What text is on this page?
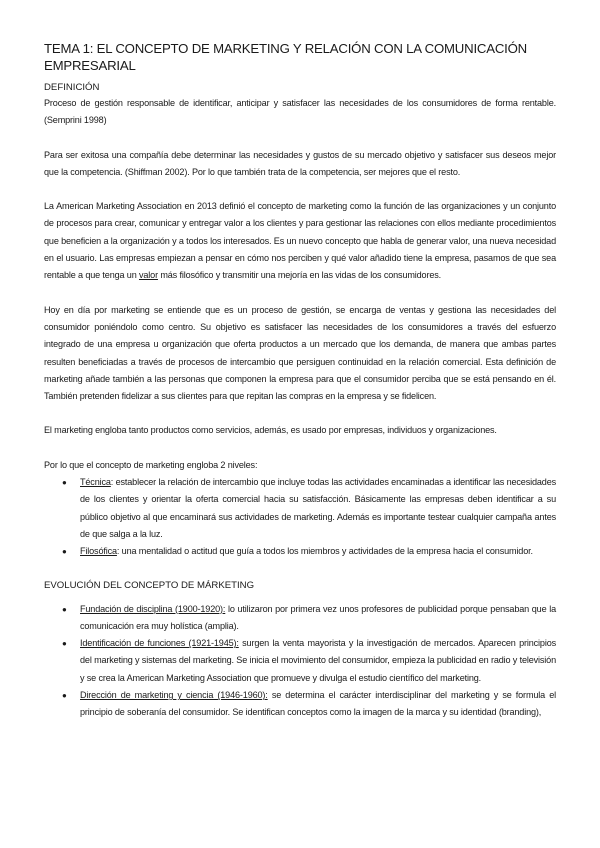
TEMA 1: EL CONCEPTO DE MARKETING Y RELACIÓN CON LA COMUNICACIÓN EMPRESARIAL
DEFINICIÓN

Proceso de gestión responsable de identificar, anticipar y satisfacer las necesidades de los consumidores de forma rentable. (Semprini 1998)

Para ser exitosa una compañía debe determinar las necesidades y gustos de su mercado objetivo y satisfacer sus deseos mejor que la competencia. (Shiffman 2002). Por lo que también trata de la competencia, ser mejores que el resto.

La American Marketing Association en 2013 definió el concepto de marketing como la función de las organizaciones y un conjunto de procesos para crear, comunicar y entregar valor a los clientes y para gestionar las relaciones con ellos mediante procedimientos que beneficien a la organización y a todos los interesados. Es un nuevo concepto que habla de generar valor, una nueva necesidad en el usuario. Las empresas empiezan a pensar en cómo nos perciben y qué valor añadido tiene la empresa, pasamos de que sea rentable a que tenga un valor más filosófico y transmitir una mejoría en las vidas de los consumidores.

Hoy en día por marketing se entiende que es un proceso de gestión, se encarga de ventas y gestiona las necesidades del consumidor poniéndolo como centro. Su objetivo es satisfacer las necesidades de los consumidores a través del esfuerzo integrado de una empresa u organización que oferta productos a un mercado que los demanda, de manera que ambas partes resulten beneficiadas a través de procesos de intercambio que persiguen continuidad en la relación comercial. Esta definición de marketing añade también a las personas que componen la empresa para que el consumidor perciba que se está pensando en él. También pretenden fidelizar a sus clientes para que repitan las compras en la empresa y se fidelicen.

El marketing engloba tanto productos como servicios, además, es usado por empresas, individuos y organizaciones.

Por lo que el concepto de marketing engloba 2 niveles:

● Técnica: establecer la relación de intercambio que incluye todas las actividades encaminadas a identificar las necesidades de los clientes y orientar la oferta comercial hacia su satisfacción. Básicamente las empresas deben identificar a su público objetivo al que encaminará sus actividades de marketing. Además es importante testear cualquier campaña antes de que salga a la luz.
● Filosófica: una mentalidad o actitud que guía a todos los miembros y actividades de la empresa hacia el consumidor.
EVOLUCIÓN DEL CONCEPTO DE MÁRKETING
● Fundación de disciplina (1900-1920): lo utilizaron por primera vez unos profesores de publicidad porque pensaban que la comunicación era muy holística (amplia).
● Identificación de funciones (1921-1945): surgen la venta mayorista y la investigación de mercados. Aparecen principios del marketing y sistemas del marketing. Se inicia el movimiento del consumidor, empieza la publicidad en radio y televisión y se crea la American Marketing Association que promueve y divulga el estudio científico del marketing.
● Dirección de marketing y ciencia (1946-1960): se determina el carácter interdisciplinar del marketing y se formula el principio de soberanía del consumidor. Se identifican conceptos como la imagen de la marca y su identidad (branding),
